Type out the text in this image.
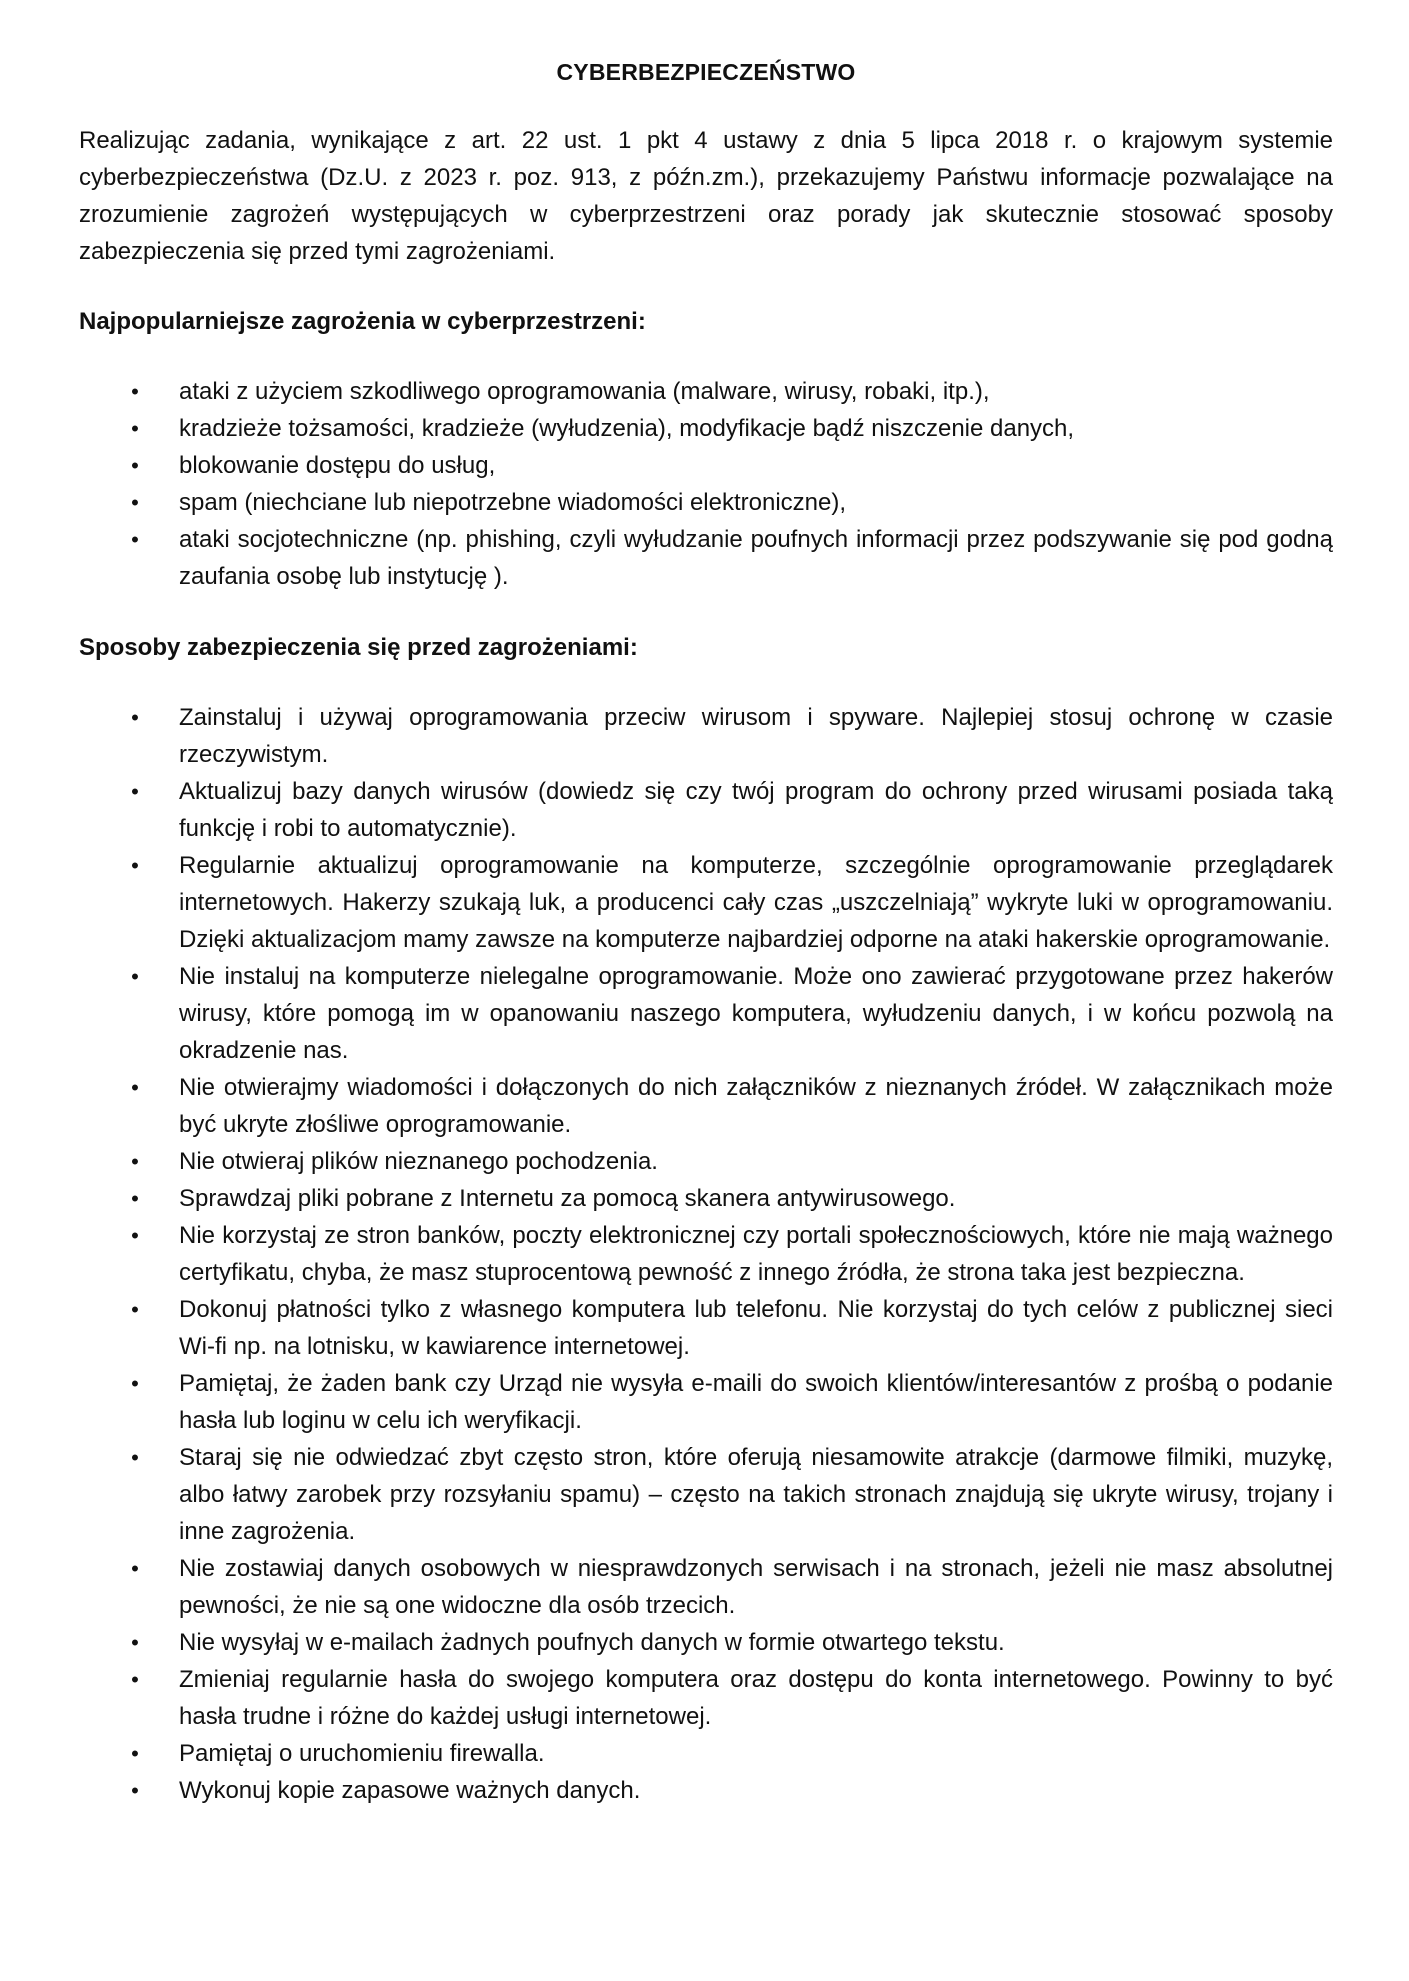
CYBERBEZPIECZEŃSTWO

Realizując zadania, wynikające z art. 22 ust. 1 pkt 4 ustawy z dnia 5 lipca 2018 r. o krajowym systemie cyberbezpieczeństwa (Dz.U. z 2023 r. poz. 913, z późn.zm.), przekazujemy Państwu informacje pozwalające na zrozumienie zagrożeń występujących w cyberprzestrzeni oraz porady jak skutecznie stosować sposoby zabezpieczenia się przed tymi zagrożeniami.

Najpopularniejsze zagrożenia w cyberprzestrzeni:
• ataki z użyciem szkodliwego oprogramowania (malware, wirusy, robaki, itp.),
• kradzieże tożsamości, kradzieże (wyłudzenia), modyfikacje bądź niszczenie danych,
• blokowanie dostępu do usług,
• spam (niechciane lub niepotrzebne wiadomości elektroniczne),
• ataki socjotechniczne (np. phishing, czyli wyłudzanie poufnych informacji przez podszywanie się pod godną zaufania osobę lub instytucję ).
Sposoby zabezpieczenia się przed zagrożeniami:
• Zainstaluj i używaj oprogramowania przeciw wirusom i spyware. Najlepiej stosuj ochronę w czasie rzeczywistym.
• Aktualizuj bazy danych wirusów (dowiedz się czy twój program do ochrony przed wirusami posiada taką funkcję i robi to automatycznie).
• Regularnie aktualizuj oprogramowanie na komputerze, szczególnie oprogramowanie przeglądarek internetowych. Hakerzy szukają luk, a producenci cały czas „uszczelniają” wykryte luki w oprogramowaniu. Dzięki aktualizacjom mamy zawsze na komputerze najbardziej odporne na ataki hakerskie oprogramowanie.
• Nie instaluj na komputerze nielegalne oprogramowanie. Może ono zawierać przygotowane przez hakerów wirusy, które pomogą im w opanowaniu naszego komputera, wyłudzeniu danych, i w końcu pozwolą na okradzenie nas.
• Nie otwierajmy wiadomości i dołączonych do nich załączników z nieznanych źródeł. W załącznikach może być ukryte złośliwe oprogramowanie.
• Nie otwieraj plików nieznanego pochodzenia.
• Sprawdzaj pliki pobrane z Internetu za pomocą skanera antywirusowego.
• Nie korzystaj ze stron banków, poczty elektronicznej czy portali społecznościowych, które nie mają ważnego certyfikatu, chyba, że masz stuprocentową pewność z innego źródła, że strona taka jest bezpieczna.
• Dokonuj płatności tylko z własnego komputera lub telefonu. Nie korzystaj do tych celów z publicznej sieci Wi-fi np. na lotnisku, w kawiarence internetowej.
• Pamiętaj, że żaden bank czy Urząd nie wysyła e-maili do swoich klientów/interesantów z prośbą o podanie hasła lub loginu w celu ich weryfikacji.
• Staraj się nie odwiedzać zbyt często stron, które oferują niesamowite atrakcje (darmowe filmiki, muzykę, albo łatwy zarobek przy rozsyłaniu spamu) – często na takich stronach znajdują się ukryte wirusy, trojany i inne zagrożenia.
• Nie zostawiaj danych osobowych w niesprawdzonych serwisach i na stronach, jeżeli nie masz absolutnej pewności, że nie są one widoczne dla osób trzecich.
• Nie wysyłaj w e-mailach żadnych poufnych danych w formie otwartego tekstu.
• Zmieniaj regularnie hasła do swojego komputera oraz dostępu do konta internetowego. Powinny to być hasła trudne i różne do każdej usługi internetowej.
• Pamiętaj o uruchomieniu firewalla.
• Wykonuj kopie zapasowe ważnych danych.
